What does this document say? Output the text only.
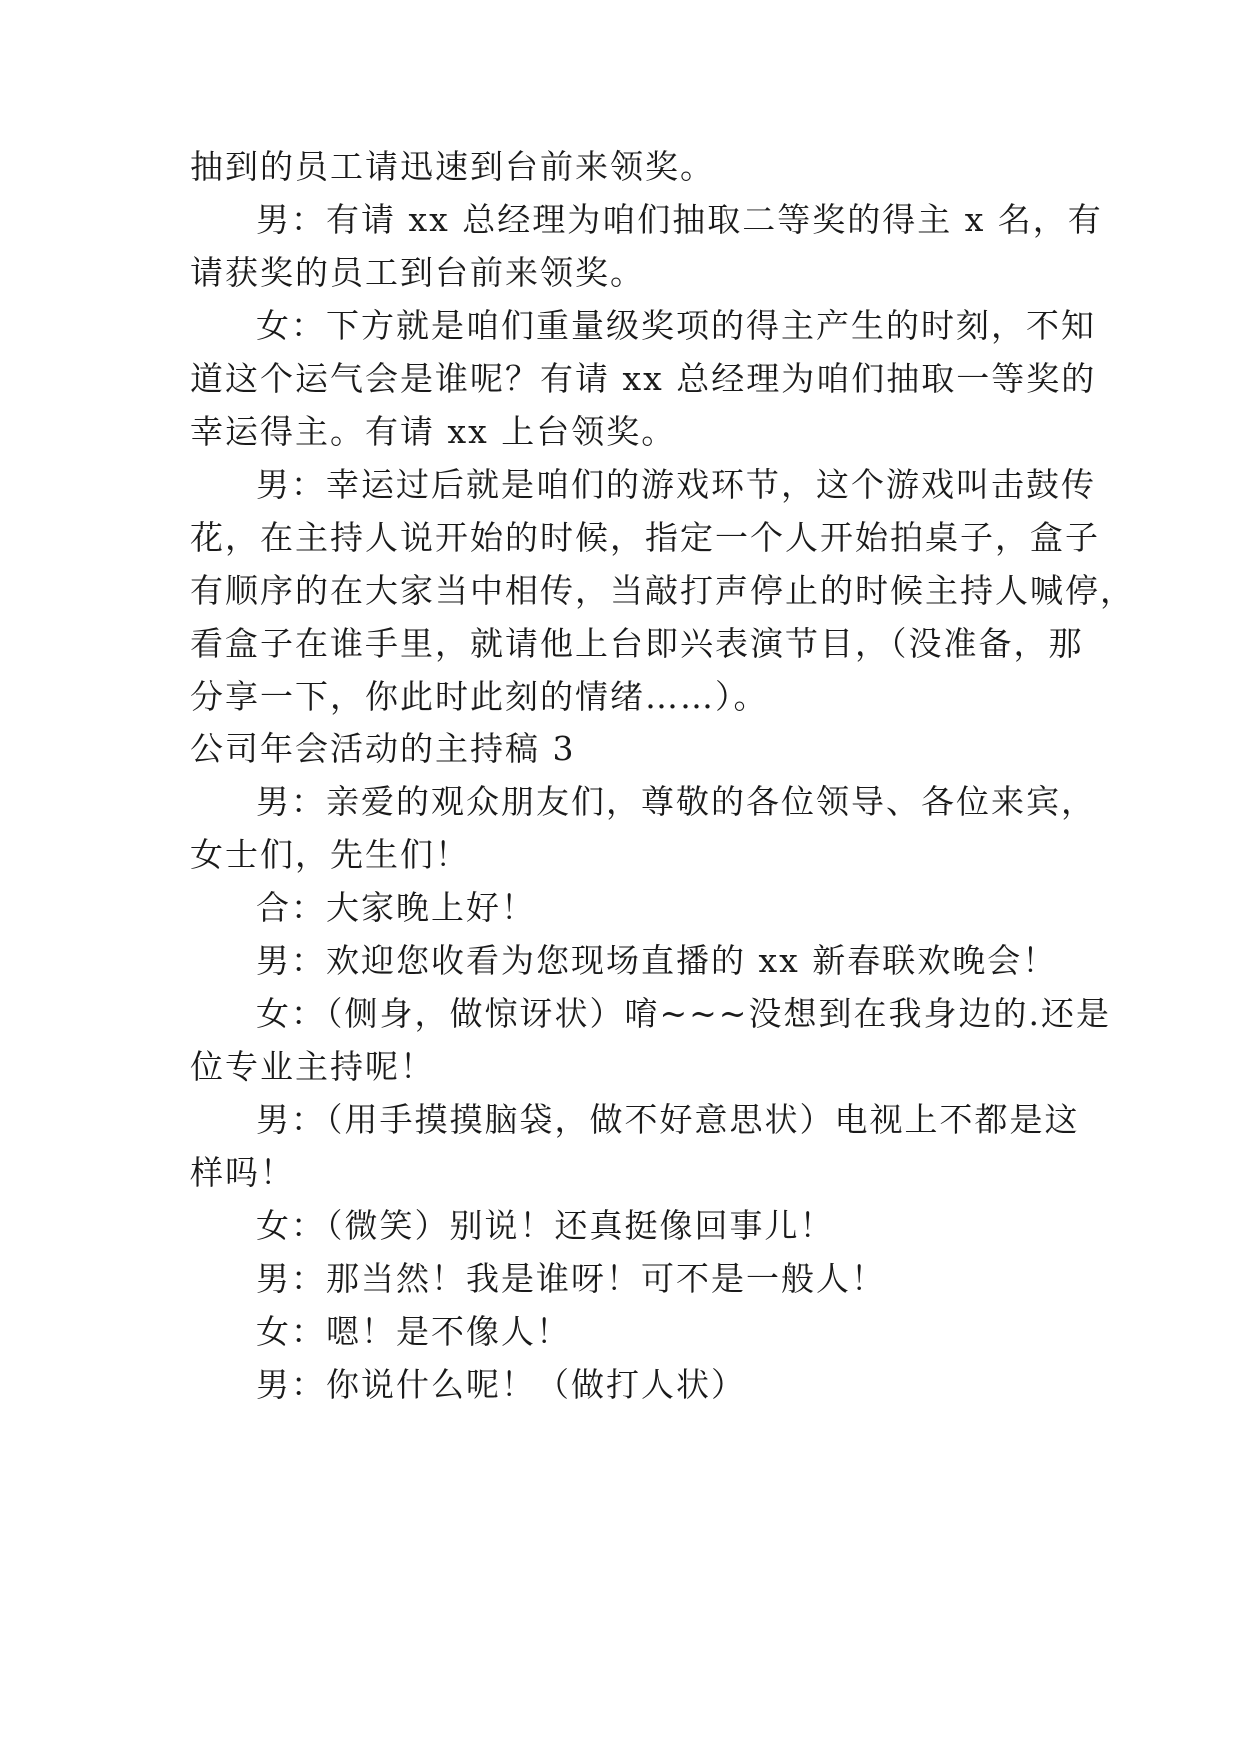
抽到的员工请迅速到台前来领奖。
男：有请 xx 总经理为咱们抽取二等奖的得主 x 名，有
请获奖的员工到台前来领奖。
女：下方就是咱们重量级奖项的得主产生的时刻，不知
道这个运气会是谁呢？有请 xx 总经理为咱们抽取一等奖的
幸运得主。有请 xx 上台领奖。
男：幸运过后就是咱们的游戏环节，这个游戏叫击鼓传
花，在主持人说开始的时候，指定一个人开始拍桌子，盒子
有顺序的在大家当中相传，当敲打声停止的时候主持人喊停，
看盒子在谁手里，就请他上台即兴表演节目，（没准备，那
分享一下，你此时此刻的情绪……）。
公司年会活动的主持稿 3
男：亲爱的观众朋友们，尊敬的各位领导、各位来宾，
女士们，先生们！
合：大家晚上好！
男：欢迎您收看为您现场直播的 xx 新春联欢晚会！
女：（侧身，做惊讶状）唷~~~没想到在我身边的.还是
位专业主持呢！
男：（用手摸摸脑袋，做不好意思状）电视上不都是这
样吗！
女：（微笑）别说！还真挺像回事儿！
男：那当然！我是谁呀！可不是一般人！
女：嗯！是不像人！
男：你说什么呢！（做打人状）
